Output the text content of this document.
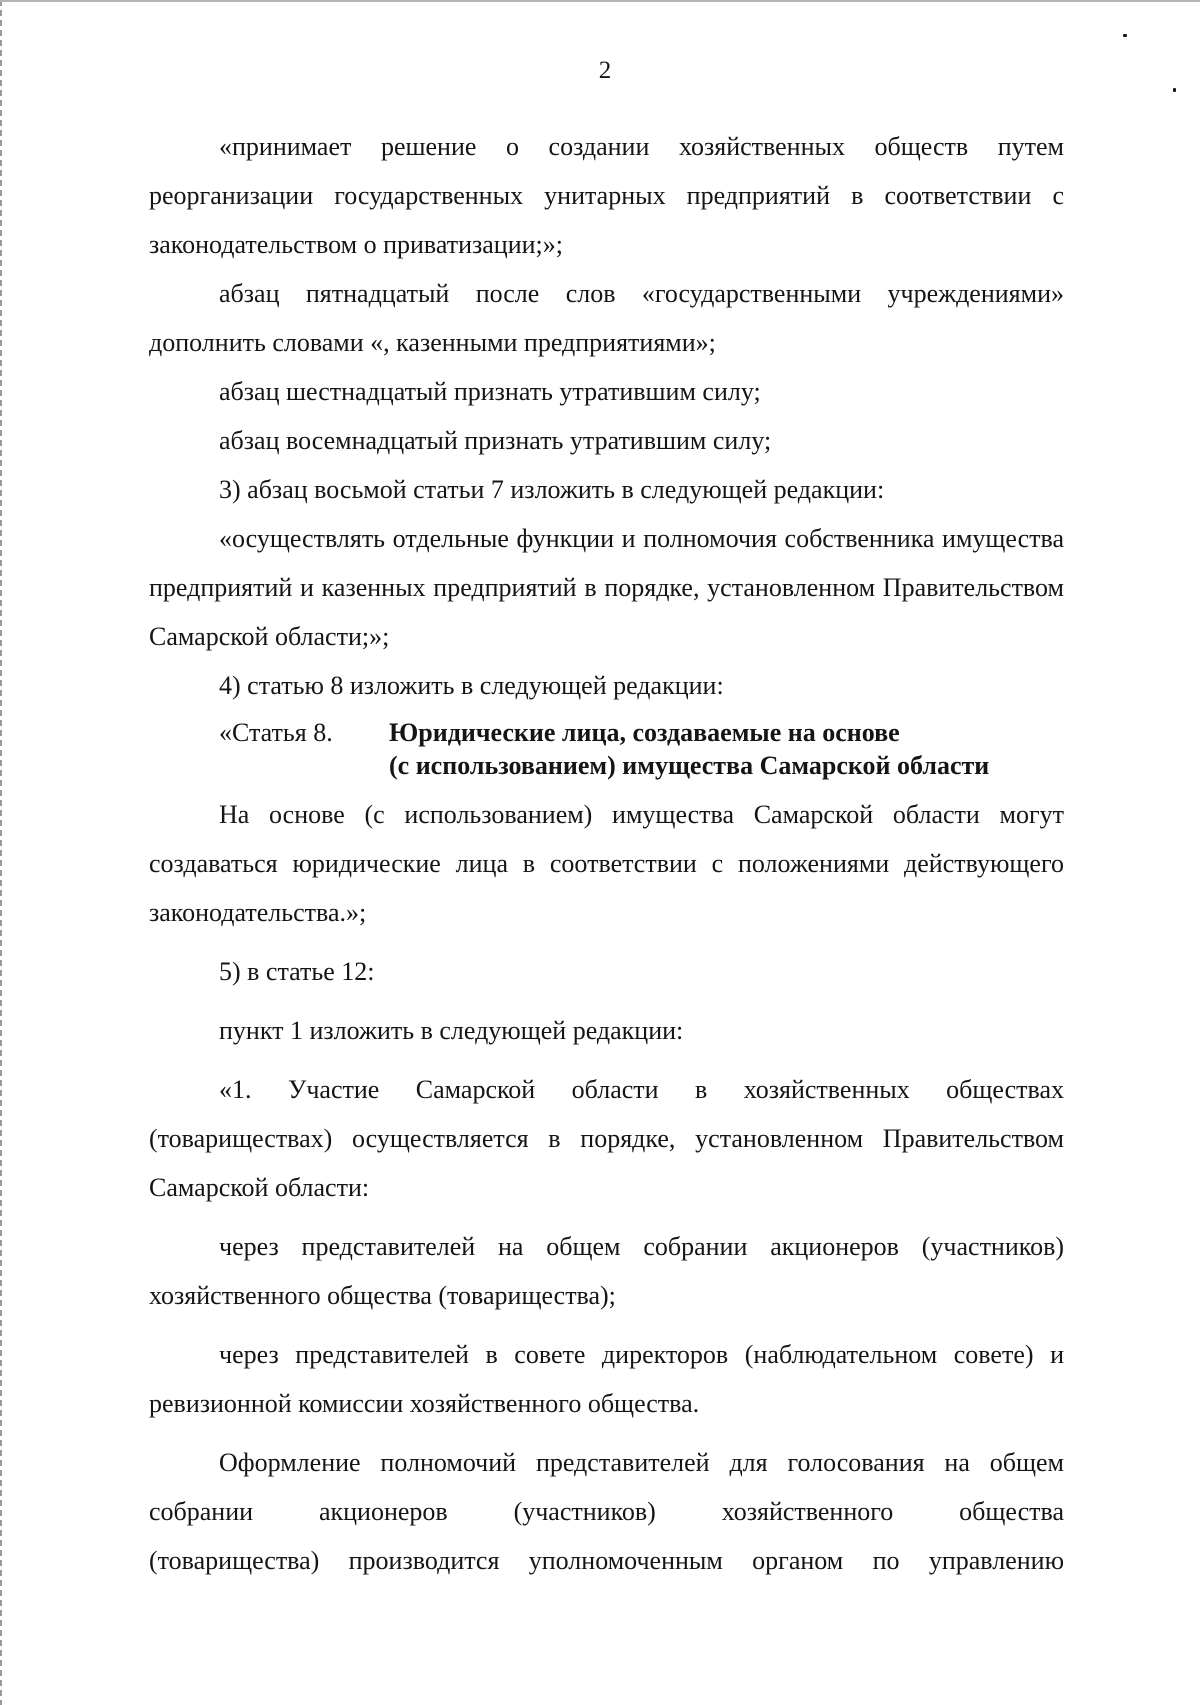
2

«принимает решение о создании хозяйственных обществ путем реорганизации государственных унитарных предприятий в соответствии с законодательством о приватизации;»;

абзац пятнадцатый после слов «государственными учреждениями» дополнить словами «, казенными предприятиями»;

абзац шестнадцатый признать утратившим силу;

абзац восемнадцатый признать утратившим силу;

3) абзац восьмой статьи 7 изложить в следующей редакции:

«осуществлять отдельные функции и полномочия собственника имущества предприятий и казенных предприятий в порядке, установленном Правительством Самарской области;»;

4) статью 8 изложить в следующей редакции:

«Статья 8.	Юридические лица, создаваемые на основе
(с использованием) имущества Самарской области

На основе (с использованием) имущества Самарской области могут создаваться юридические лица в соответствии с положениями действующего законодательства.»;

5) в статье 12:

пункт 1 изложить в следующей редакции:

«1. Участие Самарской области в хозяйственных обществах (товариществах) осуществляется в порядке, установленном Правительством Самарской области:

через представителей на общем собрании акционеров (участников) хозяйственного общества (товарищества);

через представителей в совете директоров (наблюдательном совете) и ревизионной комиссии хозяйственного общества.

Оформление полномочий представителей для голосования на общем собрании акционеров (участников) хозяйственного общества

(товарищества) производится уполномоченным органом по управлению
